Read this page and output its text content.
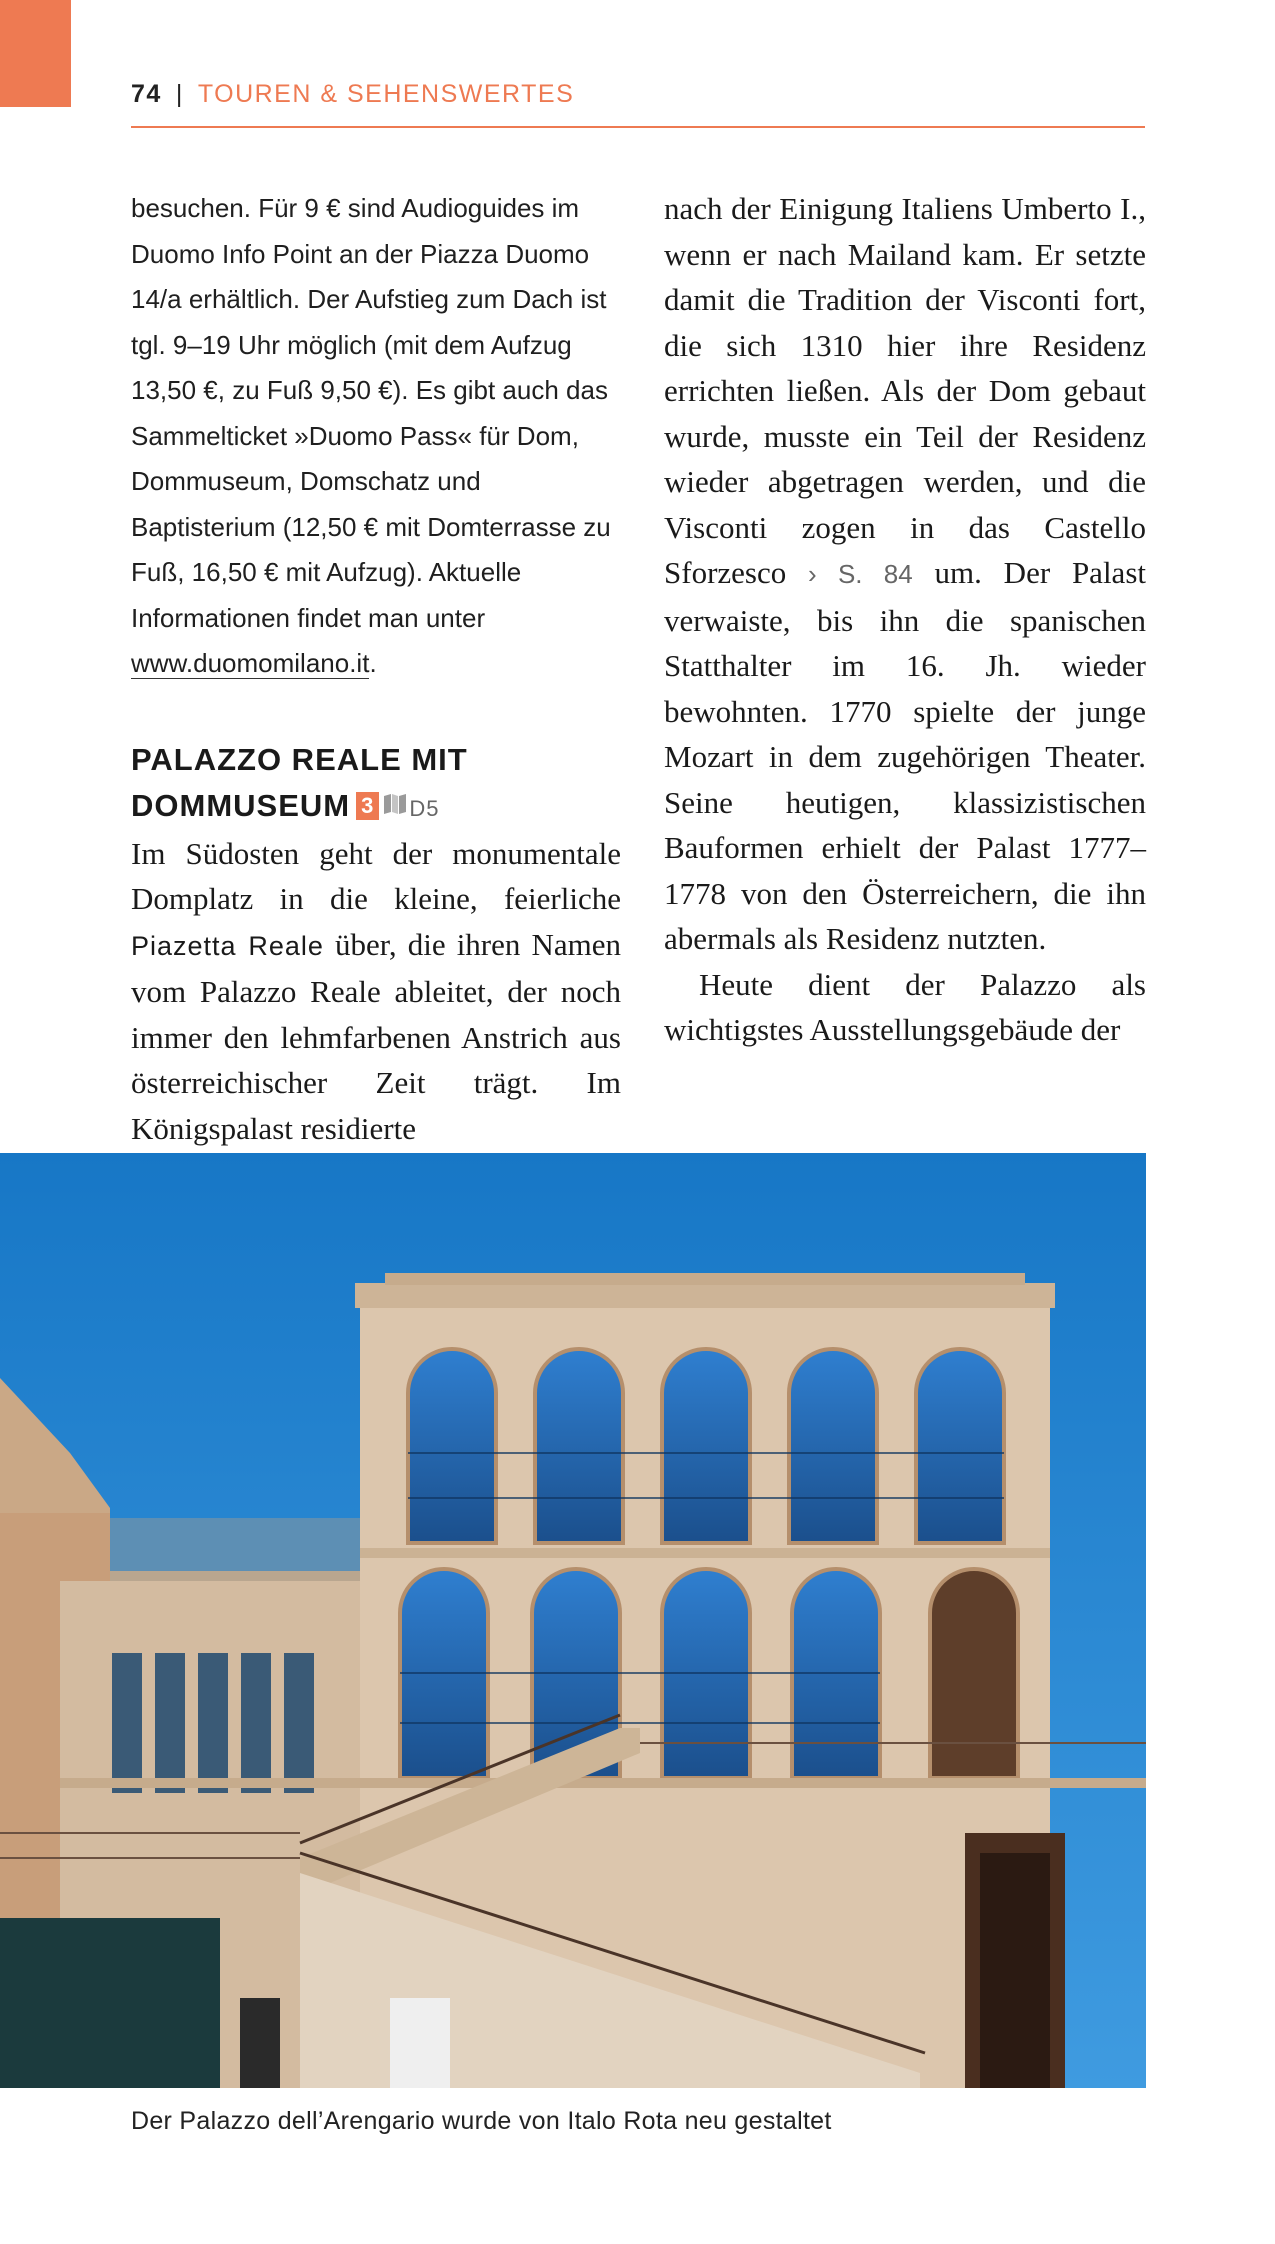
74 | TOUREN & SEHENSWERTES

besuchen. Für 9 € sind Audioguides im Duomo Info Point an der Piazza Duomo 14/a erhältlich. Der Aufstieg zum Dach ist tgl. 9–19 Uhr möglich (mit dem Aufzug 13,50 €, zu Fuß 9,50 €). Es gibt auch das Sammelticket »Duomo Pass« für Dom, Dommuseum, Domschatz und Baptisterium (12,50 € mit Domterrasse zu Fuß, 16,50 € mit Aufzug). Aktuelle Informationen findet man unter www.duomomilano.it.

PALAZZO REALE MIT
DOMMUSEUM 3 D5

Im Südosten geht der monumentale Domplatz in die kleine, feierliche Piazetta Reale über, die ihren Namen vom Palazzo Reale ableitet, der noch immer den lehmfarbenen Anstrich aus österreichischer Zeit trägt. Im Königspalast residierte

nach der Einigung Italiens Umberto I., wenn er nach Mailand kam. Er setzte damit die Tradition der Visconti fort, die sich 1310 hier ihre Residenz errichten ließen. Als der Dom gebaut wurde, musste ein Teil der Residenz wieder abgetragen werden, und die Visconti zogen in das Castello Sforzesco › S. 84 um. Der Palast verwaiste, bis ihn die spanischen Statthalter im 16. Jh. wieder bewohnten. 1770 spielte der junge Mozart in dem zugehörigen Theater. Seine heutigen, klassizistischen Bauformen erhielt der Palast 1777–1778 von den Österreichern, die ihn abermals als Residenz nutzten.

Heute dient der Palazzo als wichtigstes Ausstellungsgebäude der

Der Palazzo dell’Arengario wurde von Italo Rota neu gestaltet
